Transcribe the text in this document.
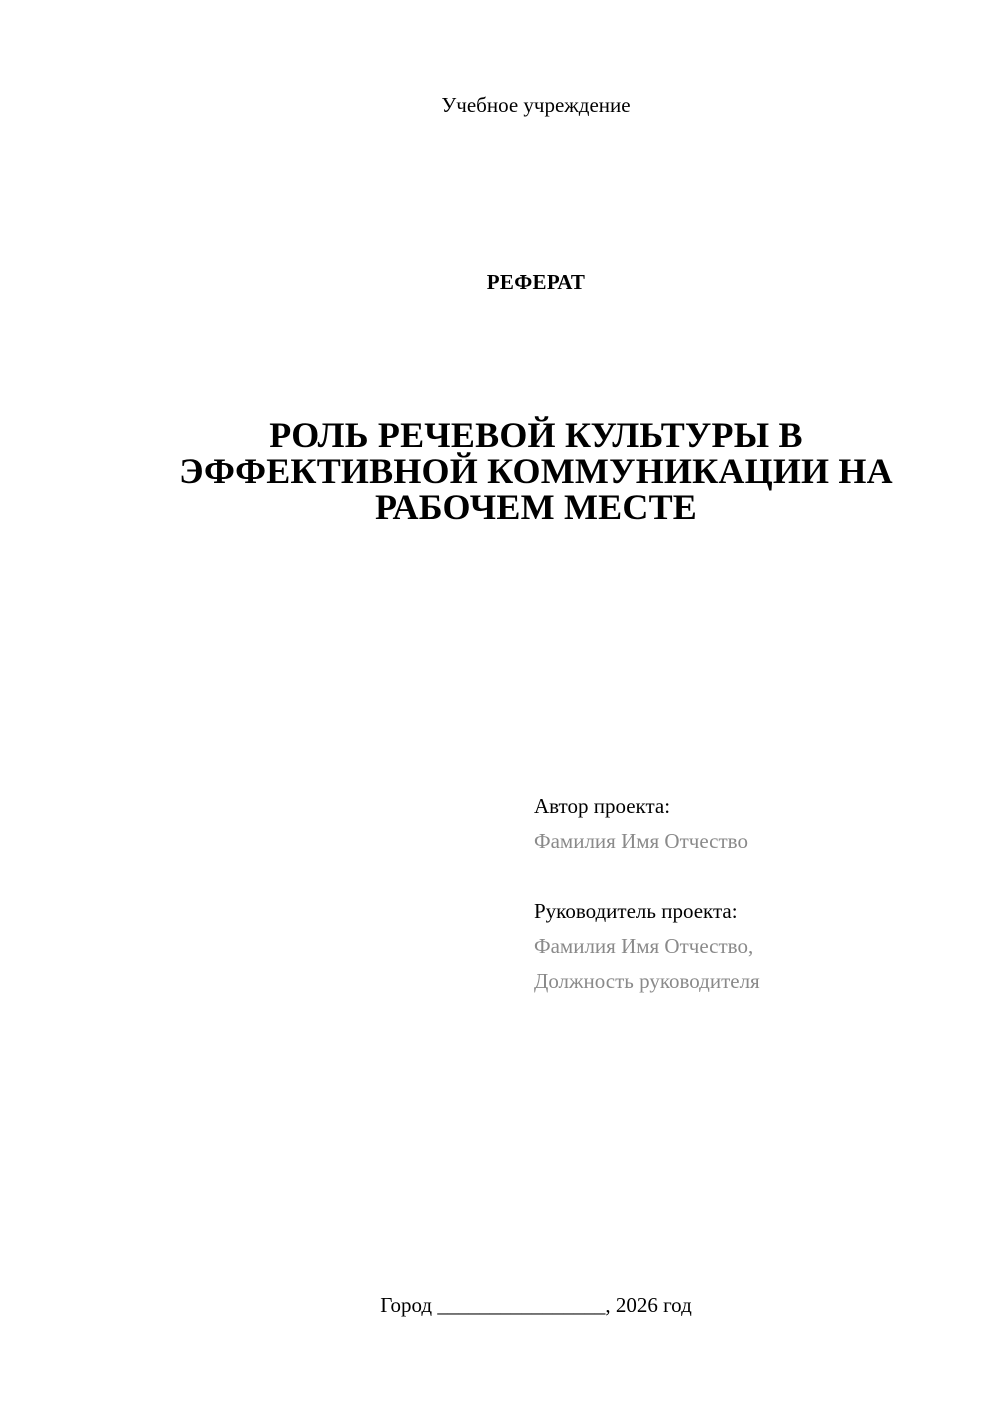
Учебное учреждение
РЕФЕРАТ
РОЛЬ РЕЧЕВОЙ КУЛЬТУРЫ В
ЭФФЕКТИВНОЙ КОММУНИКАЦИИ НА
РАБОЧЕМ МЕСТЕ
Автор проекта:
Фамилия Имя Отчество
Руководитель проекта:
Фамилия Имя Отчество,
Должность руководителя
Город ________________, 2026 год
